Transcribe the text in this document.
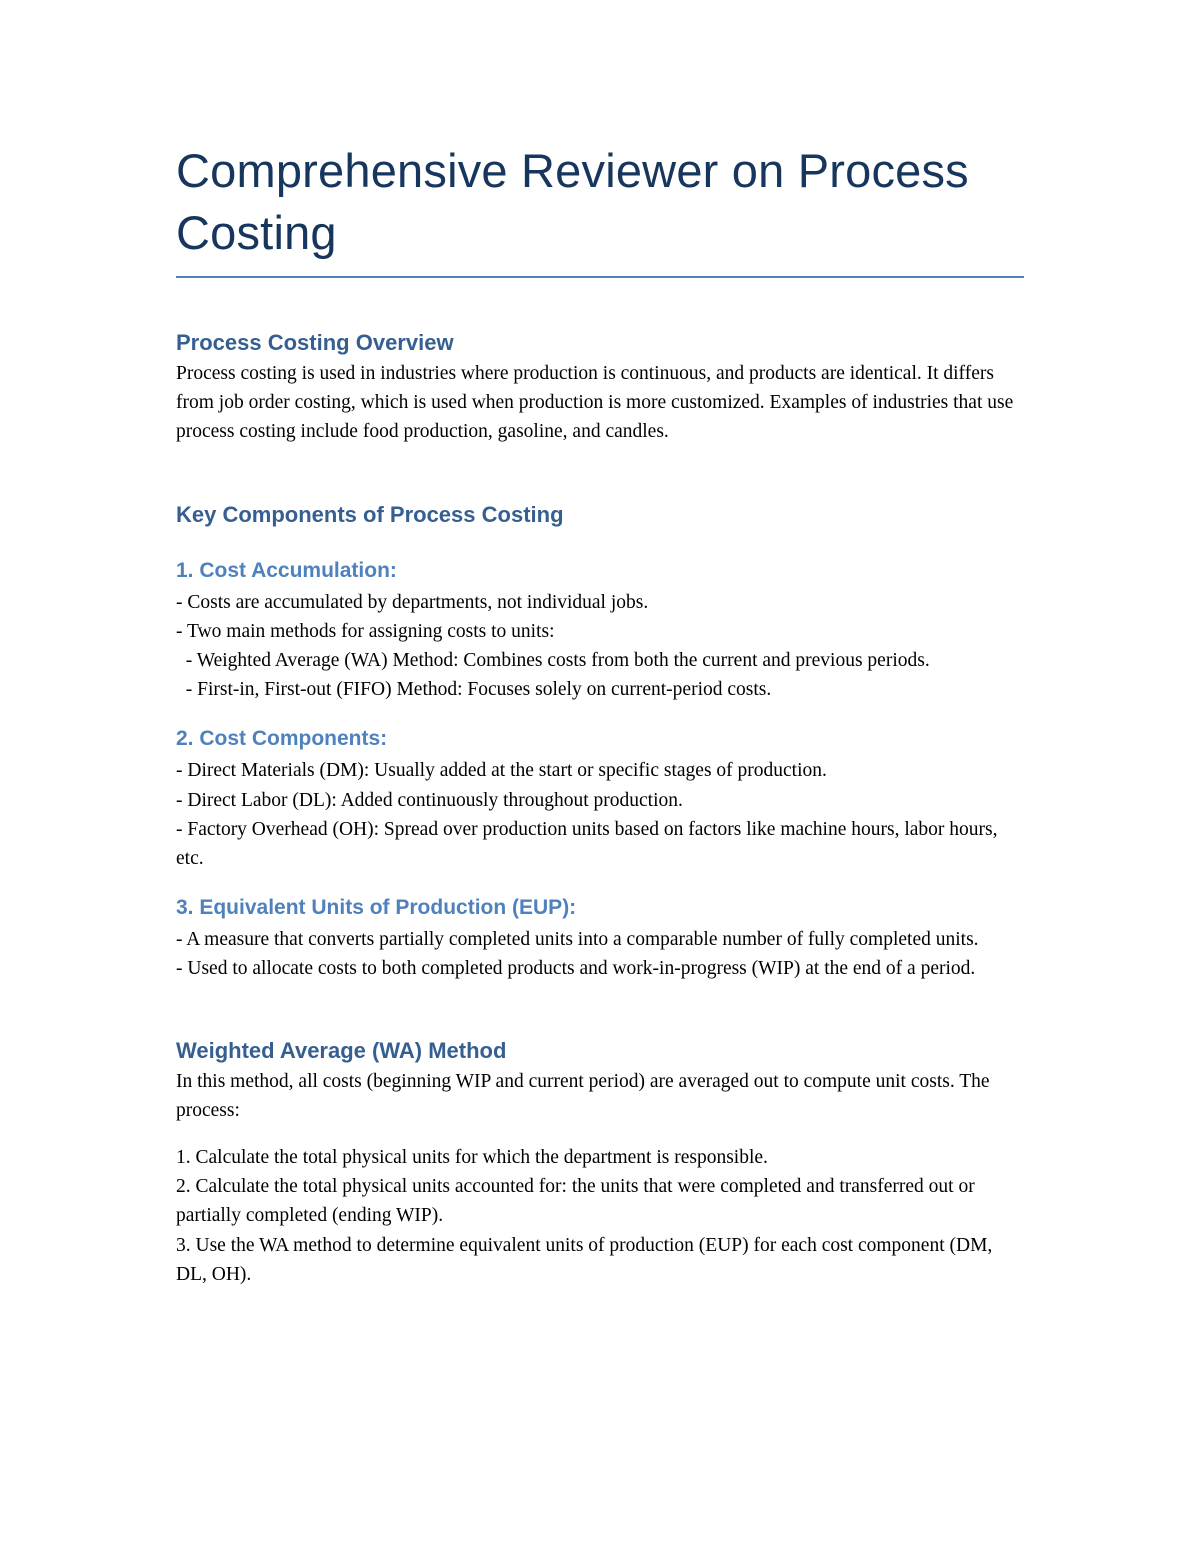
Comprehensive Reviewer on Process Costing
Process Costing Overview

Process costing is used in industries where production is continuous, and products are identical. It differs from job order costing, which is used when production is more customized. Examples of industries that use process costing include food production, gasoline, and candles.

Key Components of Process Costing
1. Cost Accumulation:

- Costs are accumulated by departments, not individual jobs.

- Two main methods for assigning costs to units:

- Weighted Average (WA) Method: Combines costs from both the current and previous periods.

- First-in, First-out (FIFO) Method: Focuses solely on current-period costs.

2. Cost Components:

- Direct Materials (DM): Usually added at the start or specific stages of production.

- Direct Labor (DL): Added continuously throughout production.

- Factory Overhead (OH): Spread over production units based on factors like machine hours, labor hours, etc.

3. Equivalent Units of Production (EUP):

- A measure that converts partially completed units into a comparable number of fully completed units.

- Used to allocate costs to both completed products and work-in-progress (WIP) at the end of a period.

Weighted Average (WA) Method

In this method, all costs (beginning WIP and current period) are averaged out to compute unit costs. The process:

1. Calculate the total physical units for which the department is responsible.

2. Calculate the total physical units accounted for: the units that were completed and transferred out or partially completed (ending WIP).

3. Use the WA method to determine equivalent units of production (EUP) for each cost component (DM, DL, OH).
